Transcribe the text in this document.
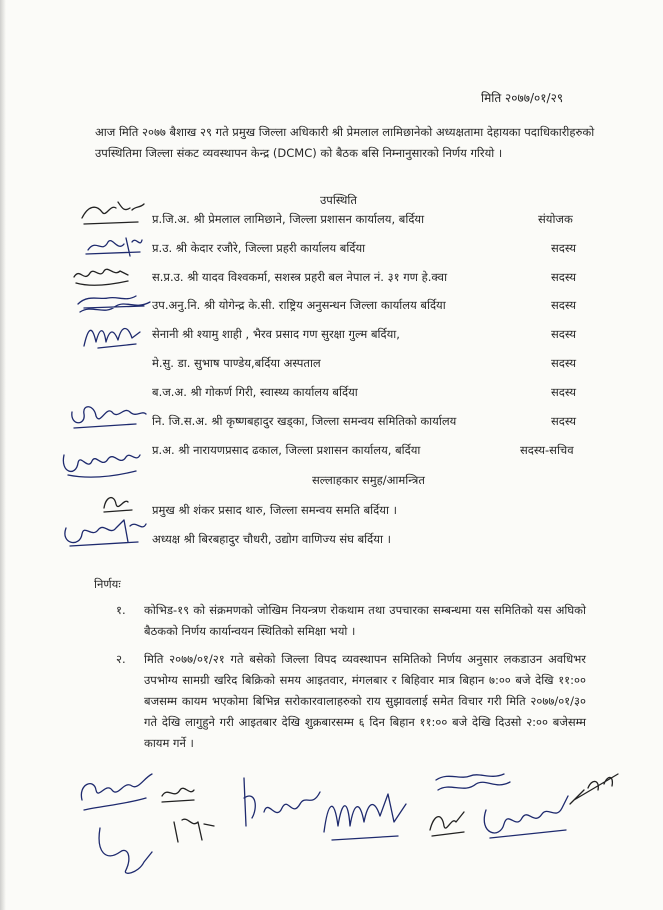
मिति २०७७/०१/२९
आज मिति २०७७ बैशाख २९ गते प्रमुख जिल्ला अधिकारी श्री प्रेमलाल लामिछानेको अध्यक्षतामा देहायका पदाधिकारीहरुको उपस्थितिमा जिल्ला संकट व्यवस्थापन केन्द्र (DCMC) को बैठक बसि निम्नानुसारको निर्णय गरियो ।
उपस्थिति
प्र.जि.अ. श्री प्रेमलाल लामिछाने, जिल्ला प्रशासन कार्यालय, बर्दिया	संयोजक
प्र.उ. श्री केदार रजौरे, जिल्ला प्रहरी कार्यालय बर्दिया	सदस्य
स.प्र.उ. श्री यादव विश्वकर्मा, सशस्त्र प्रहरी बल नेपाल नं. ३१ गण हे.क्वा	सदस्य
उप.अनु.नि. श्री योगेन्द्र के.सी. राष्ट्रिय अनुसन्धन जिल्ला कार्यालय बर्दिया	सदस्य
सेनानी श्री श्यामु शाही , भैरव प्रसाद गण सुरक्षा गुल्म बर्दिया,	सदस्य
मे.सु. डा. सुभाष पाण्डेय,बर्दिया अस्पताल	सदस्य
ब.ज.अ. श्री गोकर्ण गिरी, स्वास्थ्य कार्यालय बर्दिया	सदस्य
नि. जि.स.अ. श्री कृष्णबहादुर खड्का, जिल्ला समन्वय समितिको कार्यालय	सदस्य
प्र.अ. श्री नारायणप्रसाद ढकाल, जिल्ला प्रशासन कार्यालय, बर्दिया	सदस्य-सचिव
सल्लाहकार समुह/आमन्त्रित
प्रमुख श्री शंकर प्रसाद थारु, जिल्ला समन्वय समति बर्दिया ।
अध्यक्ष श्री बिरबहादुर चौधरी, उद्योग वाणिज्य संघ बर्दिया ।
निर्णयः
१. कोभिड-१९ को संक्रमणको जोखिम नियन्त्रण रोकथाम तथा उपचारका सम्बन्धमा यस समितिको यस अघिको बैठकको निर्णय कार्यान्वयन स्थितिको समिक्षा भयो ।
२. मिति २०७७/०१/२१ गते बसेको जिल्ला विपद व्यवस्थापन समितिको निर्णय अनुसार लकडाउन अवधिभर उपभोग्य सामग्री खरिद बिक्रिको समय आइतवार, मंगलबार र बिहिवार मात्र बिहान ७:०० बजे देखि ११:०० बजसम्म कायम भएकोमा बिभिन्न सरोकारवालाहरुको राय सुझावलाई समेत विचार गरी मिति २०७७/०१/३० गते देखि लागुहुने गरी आइतबार देखि शुक्रबारसम्म ६ दिन बिहान ११:०० बजे देखि दिउसो २:०० बजेसम्म कायम गर्ने ।
